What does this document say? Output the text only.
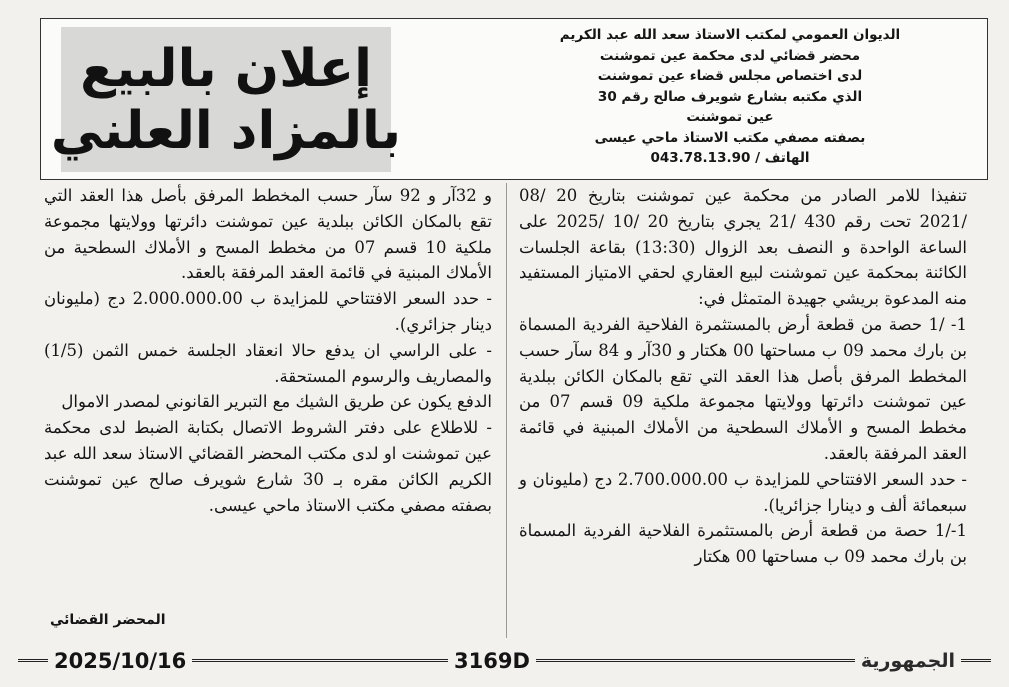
إعلان بالبيع
بالمزاد العلني
الديوان العمومي لمكتب الاستاذ سعد الله عبد الكريم
محضر قضائي لدى محكمة عين تموشنت
لدى اختصاص مجلس قضاء عين تموشنت
الذي مكتبه بشارع شويرف صالح رقم 30
عين تموشنت
بصفته مصفي مكتب الاستاذ ماحي عيسى
الهاتف / 043.78.13.90

تنفيذا للامر الصادر من محكمة عين تموشنت بتاريخ 20 /08 /2021 تحت رقم 430 /21 يجري بتاريخ 20 /10 /2025 على الساعة الواحدة و النصف بعد الزوال (13:30) بقاعة الجلسات الكائنة بمحكمة عين تموشنت لبيع العقاري لحقي الامتياز المستفيد منه المدعوة بريشي جهيدة المتمثل في:

1- /1 حصة من قطعة أرض بالمستثمرة الفلاحية الفردية المسماة بن بارك محمد 09 ب مساحتها 00 هكتار و 30آر و 84 سآر حسب المخطط المرفق بأصل هذا العقد التي تقع بالمكان الكائن ببلدية عين تموشنت دائرتها وولايتها مجموعة ملكية 09 قسم 07 من مخطط المسح و الأملاك السطحية من الأملاك المبنية في قائمة العقد المرفقة بالعقد.

- حدد السعر الافتتاحي للمزايدة ب 2.700.000.00 دج (مليونان و سبعمائة ألف و دينارا جزائريا).

1-/1 حصة من قطعة أرض بالمستثمرة الفلاحية الفردية المسماة بن بارك محمد 09 ب مساحتها 00 هكتار

و 32آر و 92 سآر حسب المخطط المرفق بأصل هذا العقد التي تقع بالمكان الكائن ببلدية عين تموشنت دائرتها وولايتها مجموعة ملكية 10 قسم 07 من مخطط المسح و الأملاك السطحية من الأملاك المبنية في قائمة العقد المرفقة بالعقد.

- حدد السعر الافتتاحي للمزايدة ب 2.000.000.00 دج (مليونان دينار جزائري).

- على الراسي ان يدفع حالا انعقاد الجلسة خمس الثمن (1/5) والمصاريف والرسوم المستحقة.

الدفع يكون عن طريق الشيك مع التبرير القانوني لمصدر الاموال

- للاطلاع على دفتر الشروط الاتصال بكتابة الضبط لدى محكمة عين تموشنت او لدى مكتب المحضر القضائي الاستاذ سعد الله عبد الكريم الكائن مقره بـ 30 شارع شويرف صالح عين تموشنت بصفته مصفي مكتب الاستاذ ماحي عيسى.

المحضر القضائي
2025/10/16	3169D	الجمهورية
